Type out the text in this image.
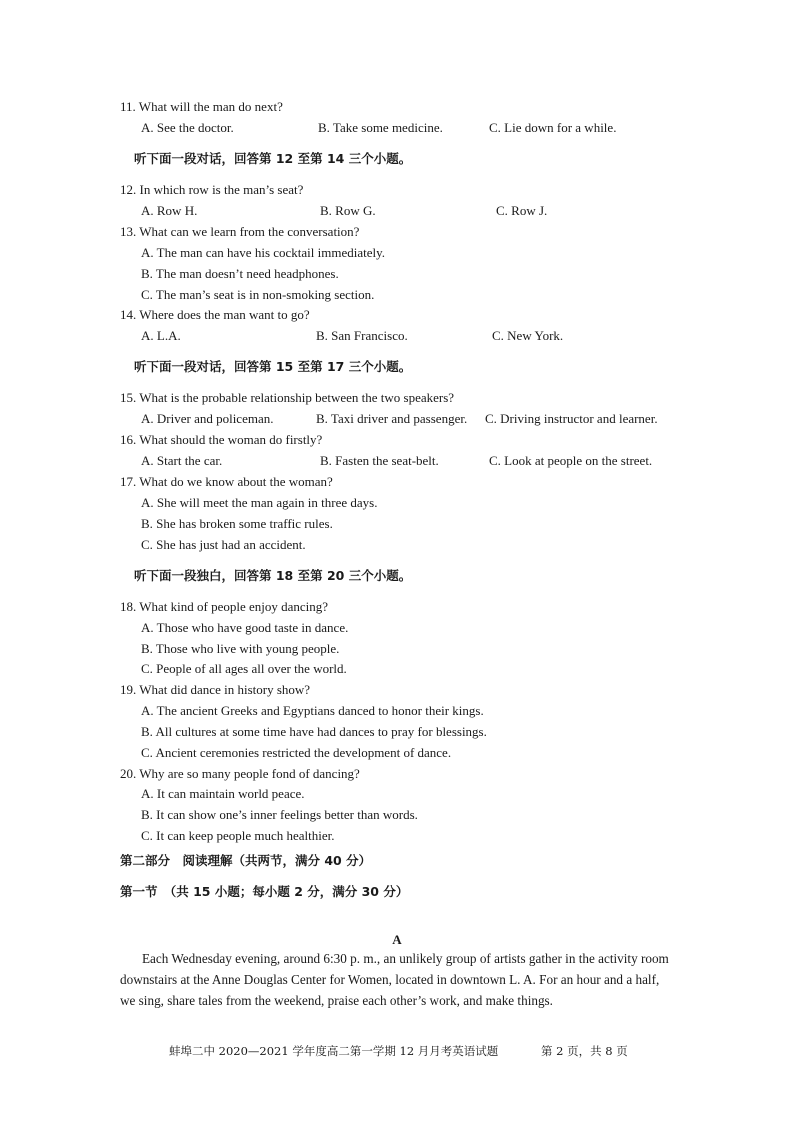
11. What will the man do next?
A. See the doctor.	B. Take some medicine.	C. Lie down for a while.
听下面一段对话，回答第 12 至第 14 三个小题。
12. In which row is the man’s seat?
A. Row H.	B. Row G.	C. Row J.
13. What can we learn from the conversation?
A. The man can have his cocktail immediately.
B. The man doesn’t need headphones.
C. The man’s seat is in non-smoking section.
14. Where does the man want to go?
A. L.A.	B. San Francisco.	C. New York.
听下面一段对话，回答第 15 至第 17 三个小题。
15. What is the probable relationship between the two speakers?
A. Driver and policeman.	B. Taxi driver and passenger. C. Driving instructor and learner.
16. What should the woman do firstly?
A. Start the car.	B. Fasten the seat-belt.	C. Look at people on the street.
17. What do we know about the woman?
A. She will meet the man again in three days.
B. She has broken some traffic rules.
C. She has just had an accident.
听下面一段独白，回答第 18 至第 20 三个小题。
18. What kind of people enjoy dancing?
A. Those who have good taste in dance.
B. Those who live with young people.
C. People of all ages all over the world.
19. What did dance in history show?
A. The ancient Greeks and Egyptians danced to honor their kings.
B. All cultures at some time have had dances to pray for blessings.
C. Ancient ceremonies restricted the development of dance.
20. Why are so many people fond of dancing?
A. It can maintain world peace.
B. It can show one’s inner feelings better than words.
C. It can keep people much healthier.
第二部分　阅读理解（共两节，满分 40 分）
第一节　（共 15 小题；每小题 2 分，满分 30 分）
A
Each Wednesday evening, around 6:30 p. m., an unlikely group of artists gather in the activity room downstairs at the Anne Douglas Center for Women, located in downtown L. A. For an hour and a half, we sing, share tales from the weekend, praise each other’s work, and make things.
蚌埠二中 2020—2021 学年度高二第一学期 12 月月考英语试题	第 2 页，共 8 页
